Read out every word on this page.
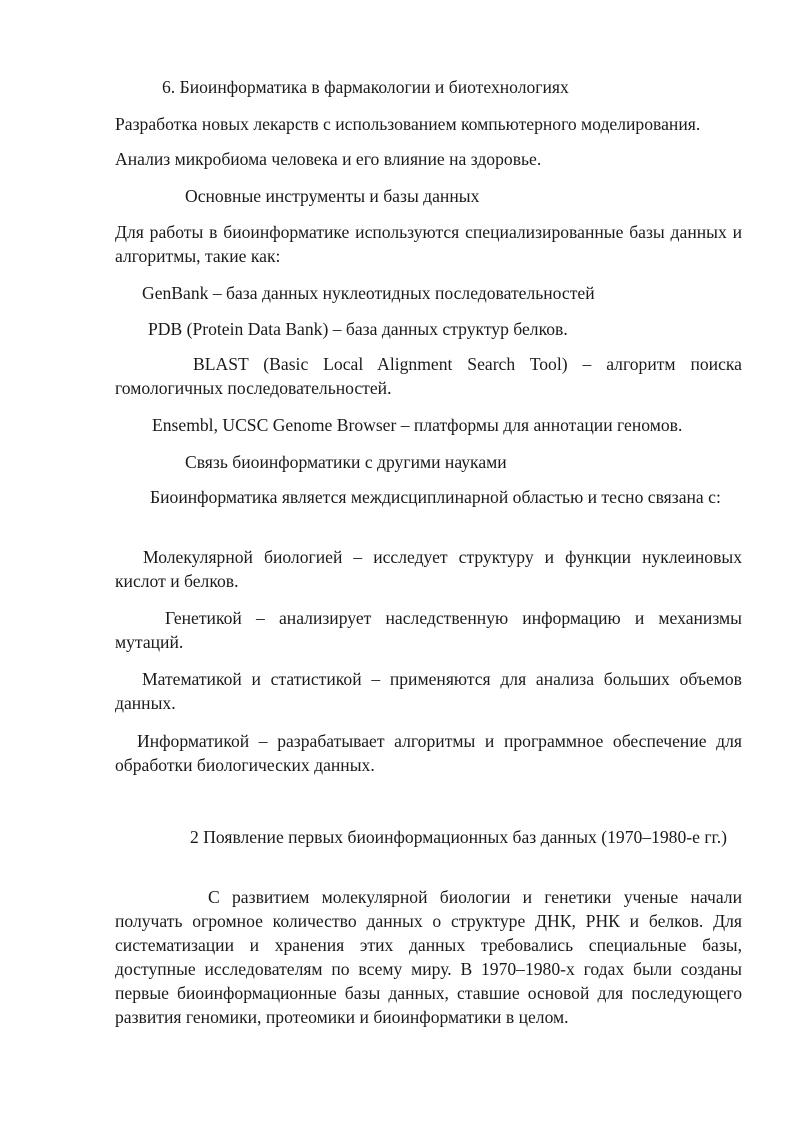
6. Биоинформатика в фармакологии и биотехнологиях

Разработка новых лекарств с использованием компьютерного моделирования.

Анализ микробиома человека и его влияние на здоровье.

Основные инструменты и базы данных

Для работы в биоинформатике используются специализированные базы данных и алгоритмы, такие как:

GenBank – база данных нуклеотидных последовательностей

PDB (Protein Data Bank) – база данных структур белков.

BLAST (Basic Local Alignment Search Tool) – алгоритм поиска гомологичных последовательностей.

Ensembl, UCSC Genome Browser – платформы для аннотации геномов.

Связь биоинформатики с другими науками

Биоинформатика является междисциплинарной областью и тесно связана с:

Молекулярной биологией – исследует структуру и функции нуклеиновых кислот и белков.

Генетикой – анализирует наследственную информацию и механизмы мутаций.

Математикой и статистикой – применяются для анализа больших объемов данных.

Информатикой – разрабатывает алгоритмы и программное обеспечение для обработки биологических данных.

2 Появление первых биоинформационных баз данных (1970–1980-е гг.)

С развитием молекулярной биологии и генетики ученые начали получать огромное количество данных о структуре ДНК, РНК и белков. Для систематизации и хранения этих данных требовались специальные базы, доступные исследователям по всему миру. В 1970–1980-х годах были созданы первые биоинформационные базы данных, ставшие основой для последующего развития геномики, протеомики и биоинформатики в целом.
